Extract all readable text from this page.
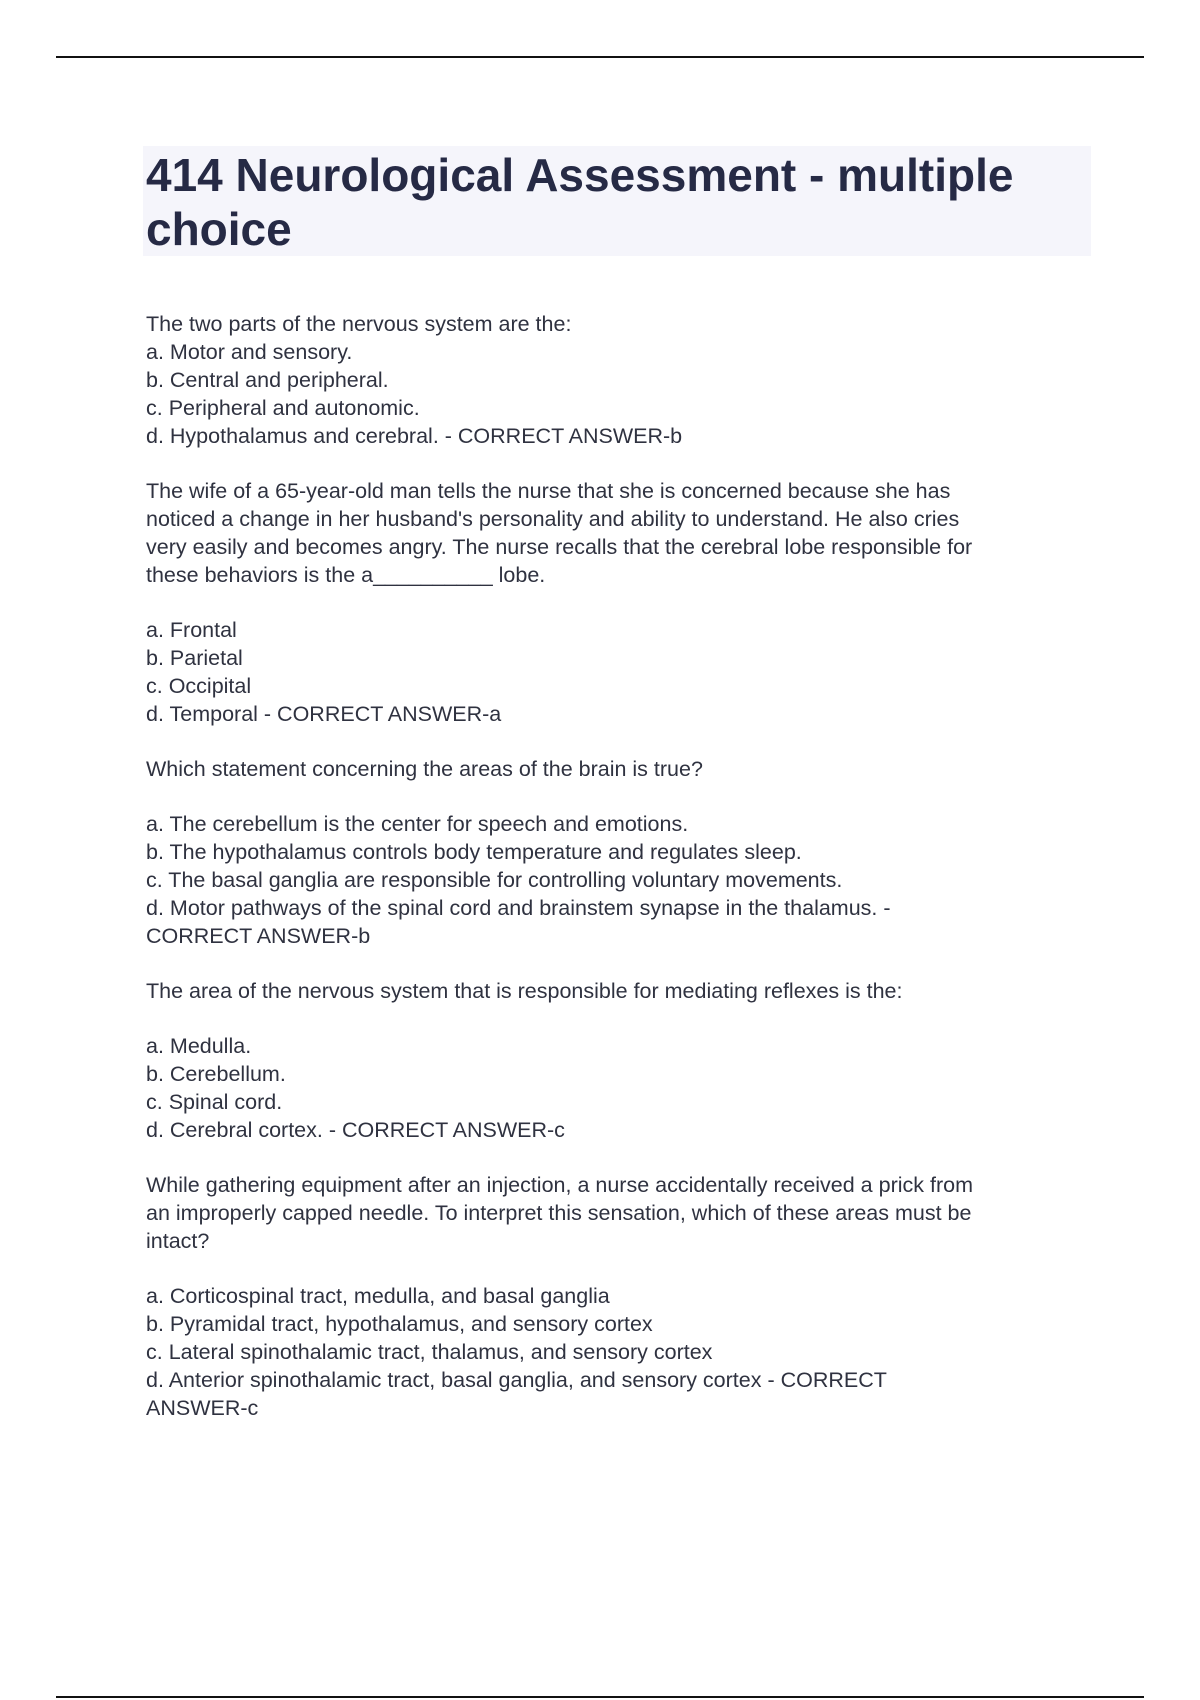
414 Neurological Assessment - multiple choice
The two parts of the nervous system are the:
a. Motor and sensory.
b. Central and peripheral.
c. Peripheral and autonomic.
d. Hypothalamus and cerebral. - CORRECT ANSWER-b
The wife of a 65-year-old man tells the nurse that she is concerned because she has
noticed a change in her husband's personality and ability to understand. He also cries
very easily and becomes angry. The nurse recalls that the cerebral lobe responsible for
these behaviors is the a__________ lobe.
a. Frontal
b. Parietal
c. Occipital
d. Temporal - CORRECT ANSWER-a
Which statement concerning the areas of the brain is true?
a. The cerebellum is the center for speech and emotions.
b. The hypothalamus controls body temperature and regulates sleep.
c. The basal ganglia are responsible for controlling voluntary movements.
d. Motor pathways of the spinal cord and brainstem synapse in the thalamus. -
CORRECT ANSWER-b
The area of the nervous system that is responsible for mediating reflexes is the:
a. Medulla.
b. Cerebellum.
c. Spinal cord.
d. Cerebral cortex. - CORRECT ANSWER-c
While gathering equipment after an injection, a nurse accidentally received a prick from
an improperly capped needle. To interpret this sensation, which of these areas must be
intact?
a. Corticospinal tract, medulla, and basal ganglia
b. Pyramidal tract, hypothalamus, and sensory cortex
c. Lateral spinothalamic tract, thalamus, and sensory cortex
d. Anterior spinothalamic tract, basal ganglia, and sensory cortex - CORRECT
ANSWER-c
